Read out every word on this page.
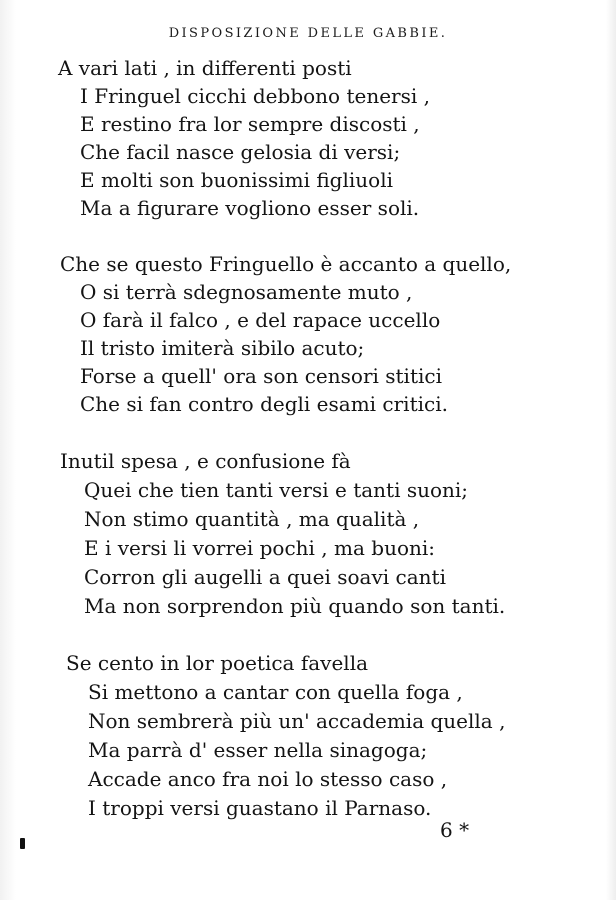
DISPOSIZIONE DELLE GABBIE.
A vari lati , in differenti posti
I Fringuel cicchi debbono tenersi ,
E restino fra lor sempre discosti ,
Che facil nasce gelosia di versi;
E molti son buonissimi figliuoli
Ma a figurare vogliono esser soli.
Che se questo Fringuello è accanto a quello,
O si terrà sdegnosamente muto ,
O farà il falco , e del rapace uccello
Il tristo imiterà sibilo acuto;
Forse a quell' ora son censori stitici
Che si fan contro degli esami critici.
Inutil spesa , e confusione fà
Quei che tien tanti versi e tanti suoni;
Non stimo quantità , ma qualità ,
E i versi li vorrei pochi , ma buoni:
Corron gli augelli a quei soavi canti
Ma non sorprendon più quando son tanti.
Se cento in lor poetica favella
Si mettono a cantar con quella foga ,
Non sembrerà più un' accademia quella ,
Ma parrà d' esser nella sinagoga;
Accade anco fra noi lo stesso caso ,
I troppi versi guastano il Parnaso.
6 *
